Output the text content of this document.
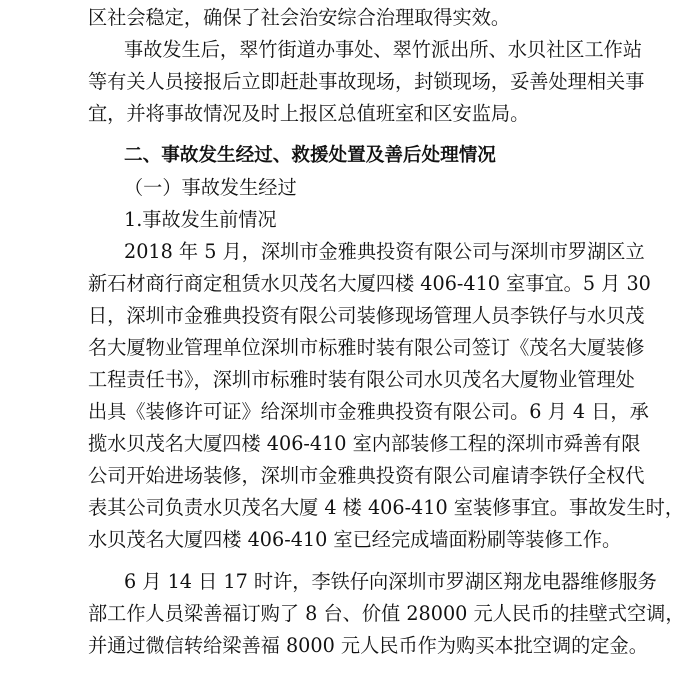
区社会稳定，确保了社会治安综合治理取得实效。
事故发生后，翠竹街道办事处、翠竹派出所、水贝社区工作站
等有关人员接报后立即赶赴事故现场，封锁现场，妥善处理相关事
宜，并将事故情况及时上报区总值班室和区安监局。
二、事故发生经过、救援处置及善后处理情况
（一）事故发生经过
1.事故发生前情况
2018 年 5 月，深圳市金雅典投资有限公司与深圳市罗湖区立
新石材商行商定租赁水贝茂名大厦四楼 406-410 室事宜。5 月 30
日，深圳市金雅典投资有限公司装修现场管理人员李铁仔与水贝茂
名大厦物业管理单位深圳市标雅时装有限公司签订《茂名大厦装修
工程责任书》，深圳市标雅时装有限公司水贝茂名大厦物业管理处
出具《装修许可证》给深圳市金雅典投资有限公司。6 月 4 日，承
揽水贝茂名大厦四楼 406-410 室内部装修工程的深圳市舜善有限
公司开始进场装修，深圳市金雅典投资有限公司雇请李铁仔全权代
表其公司负责水贝茂名大厦 4 楼 406-410 室装修事宜。事故发生时，
水贝茂名大厦四楼 406-410 室已经完成墙面粉刷等装修工作。
6 月 14 日 17 时许，李铁仔向深圳市罗湖区翔龙电器维修服务
部工作人员梁善福订购了 8 台、价值 28000 元人民币的挂壁式空调，
并通过微信转给梁善福 8000 元人民币作为购买本批空调的定金。
